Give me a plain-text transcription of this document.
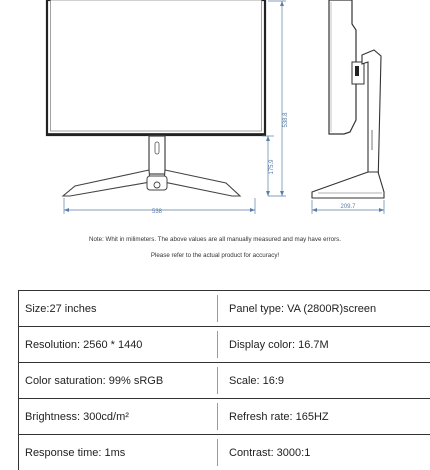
538
538.8
175.9
209.7
Note: Whit in milimeters. The above values are all manually measured and may have errors.
Please refer to the actual product for accuracy!
Size:27 inches	Panel type: VA (2800R)screen
Resolution: 2560 * 1440	Display color: 16.7M
Color saturation: 99% sRGB	Scale: 16:9
Brightness: 300cd/m²	Refresh rate: 165HZ
Response time: 1ms	Contrast: 3000:1
